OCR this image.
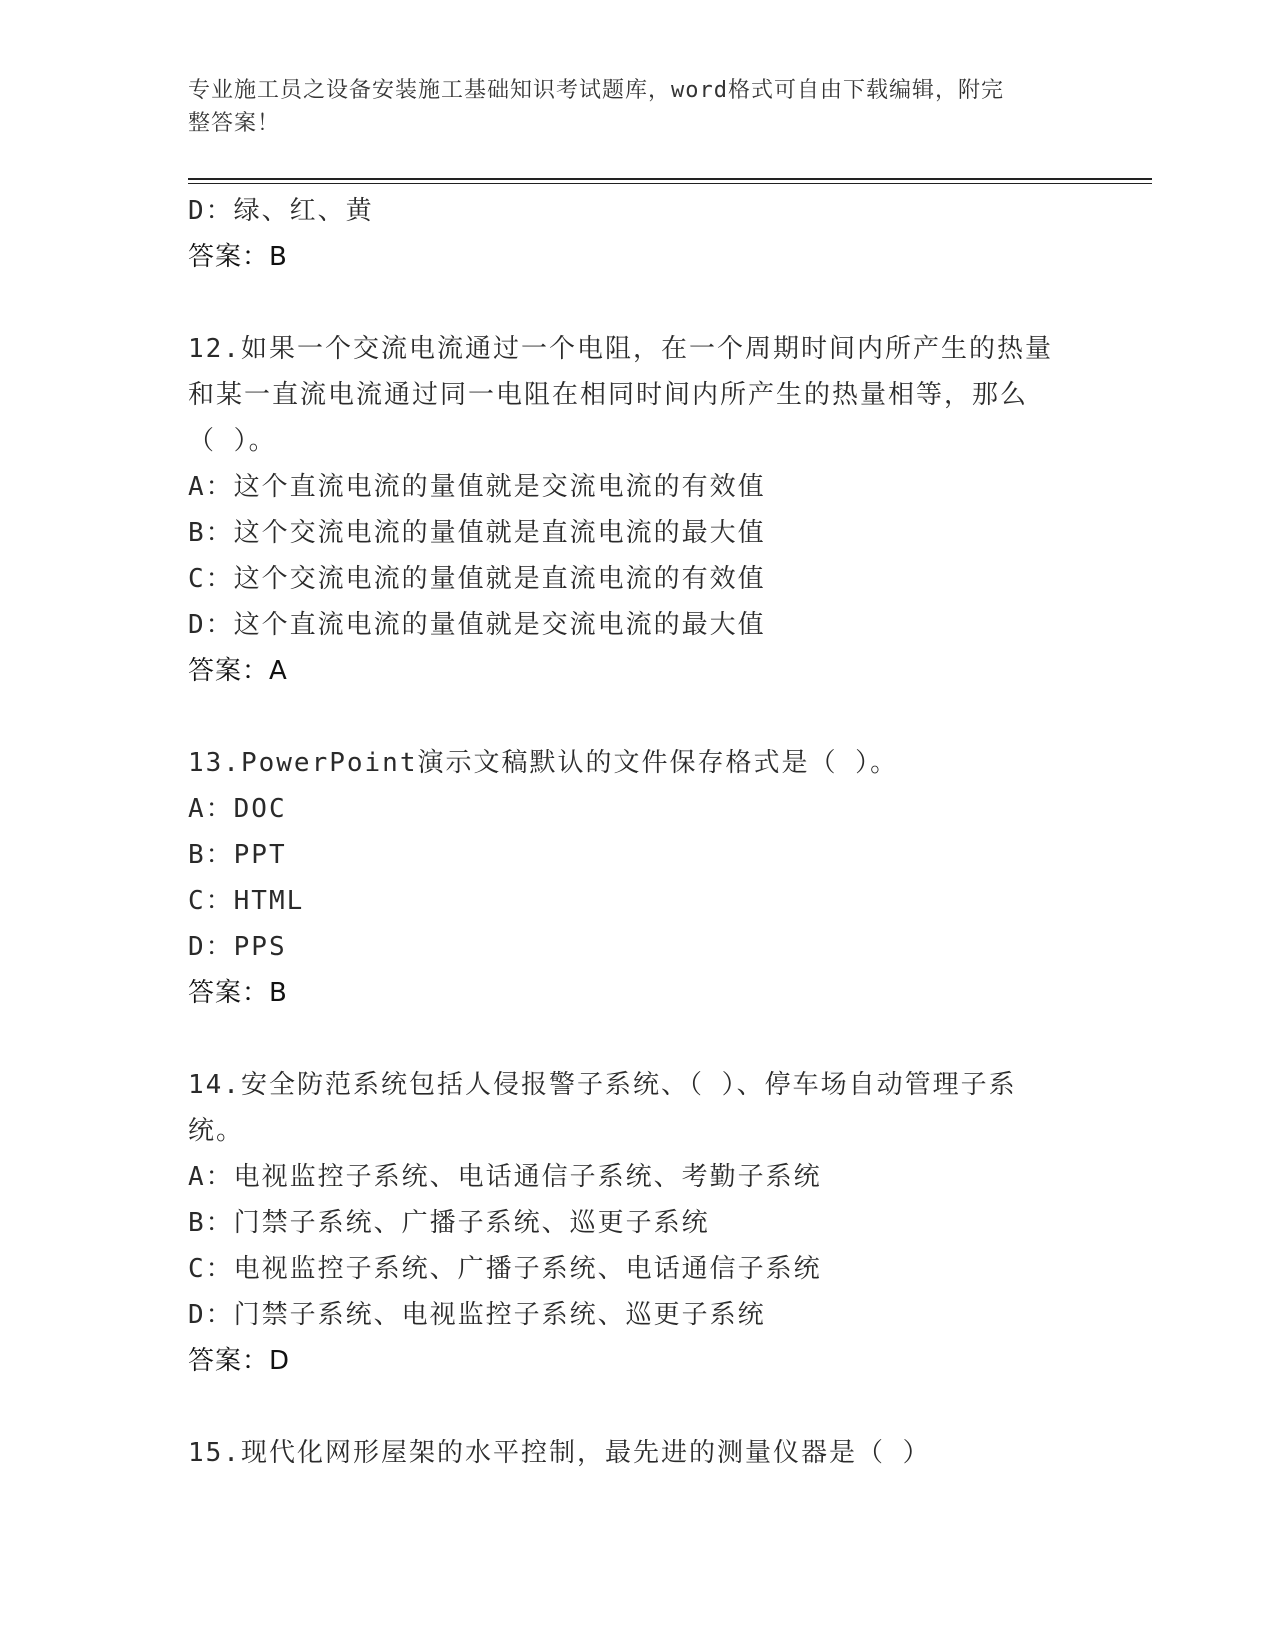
专业施工员之设备安装施工基础知识考试题库，word格式可自由下载编辑，附完
整答案！
D：绿、红、黄
答案：B
12.如果一个交流电流通过一个电阻，在一个周期时间内所产生的热量
和某一直流电流通过同一电阻在相同时间内所产生的热量相等，那么
（ ）。
A：这个直流电流的量值就是交流电流的有效值
B：这个交流电流的量值就是直流电流的最大值
C：这个交流电流的量值就是直流电流的有效值
D：这个直流电流的量值就是交流电流的最大值
答案：A
13.PowerPoint演示文稿默认的文件保存格式是（ ）。
A：DOC
B：PPT
C：HTML
D：PPS
答案：B
14.安全防范系统包括人侵报警子系统、（ ）、停车场自动管理子系
统。
A：电视监控子系统、电话通信子系统、考勤子系统
B：门禁子系统、广播子系统、巡更子系统
C：电视监控子系统、广播子系统、电话通信子系统
D：门禁子系统、电视监控子系统、巡更子系统
答案：D
15.现代化网形屋架的水平控制，最先进的测量仪器是（ ）
